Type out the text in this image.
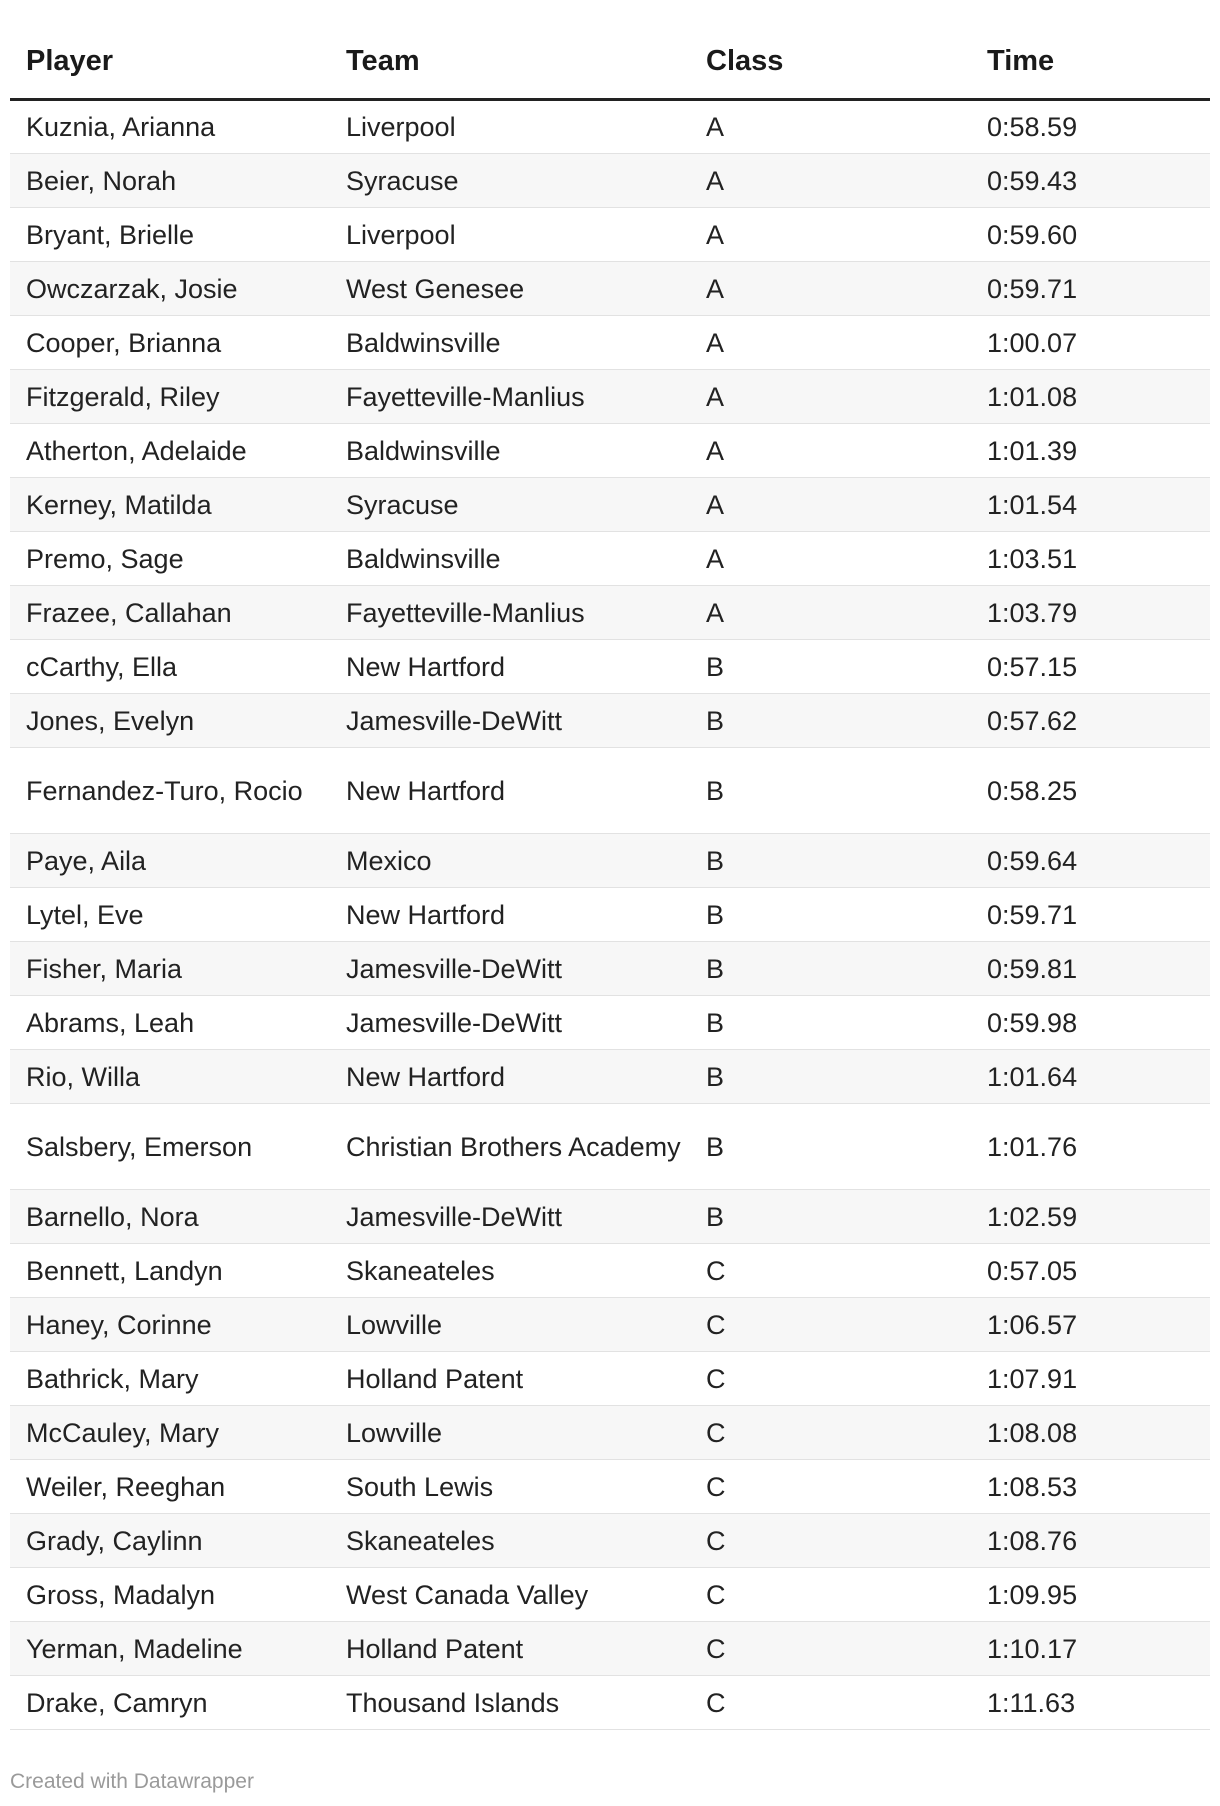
Player	Team	Class	Time
Kuznia, Arianna	Liverpool	A	0:58.59
Beier, Norah	Syracuse	A	0:59.43
Bryant, Brielle	Liverpool	A	0:59.60
Owczarzak, Josie	West Genesee	A	0:59.71
Cooper, Brianna	Baldwinsville	A	1:00.07
Fitzgerald, Riley	Fayetteville-Manlius	A	1:01.08
Atherton, Adelaide	Baldwinsville	A	1:01.39
Kerney, Matilda	Syracuse	A	1:01.54
Premo, Sage	Baldwinsville	A	1:03.51
Frazee, Callahan	Fayetteville-Manlius	A	1:03.79
cCarthy, Ella	New Hartford	B	0:57.15
Jones, Evelyn	Jamesville-DeWitt	B	0:57.62
Fernandez-Turo, Rocio	New Hartford	B	0:58.25
Paye, Aila	Mexico	B	0:59.64
Lytel, Eve	New Hartford	B	0:59.71
Fisher, Maria	Jamesville-DeWitt	B	0:59.81
Abrams, Leah	Jamesville-DeWitt	B	0:59.98
Rio, Willa	New Hartford	B	1:01.64
Salsbery, Emerson	Christian Brothers Academy	B	1:01.76
Barnello, Nora	Jamesville-DeWitt	B	1:02.59
Bennett, Landyn	Skaneateles	C	0:57.05
Haney, Corinne	Lowville	C	1:06.57
Bathrick, Mary	Holland Patent	C	1:07.91
McCauley, Mary	Lowville	C	1:08.08
Weiler, Reeghan	South Lewis	C	1:08.53
Grady, Caylinn	Skaneateles	C	1:08.76
Gross, Madalyn	West Canada Valley	C	1:09.95
Yerman, Madeline	Holland Patent	C	1:10.17
Drake, Camryn	Thousand Islands	C	1:11.63
Created with Datawrapper
